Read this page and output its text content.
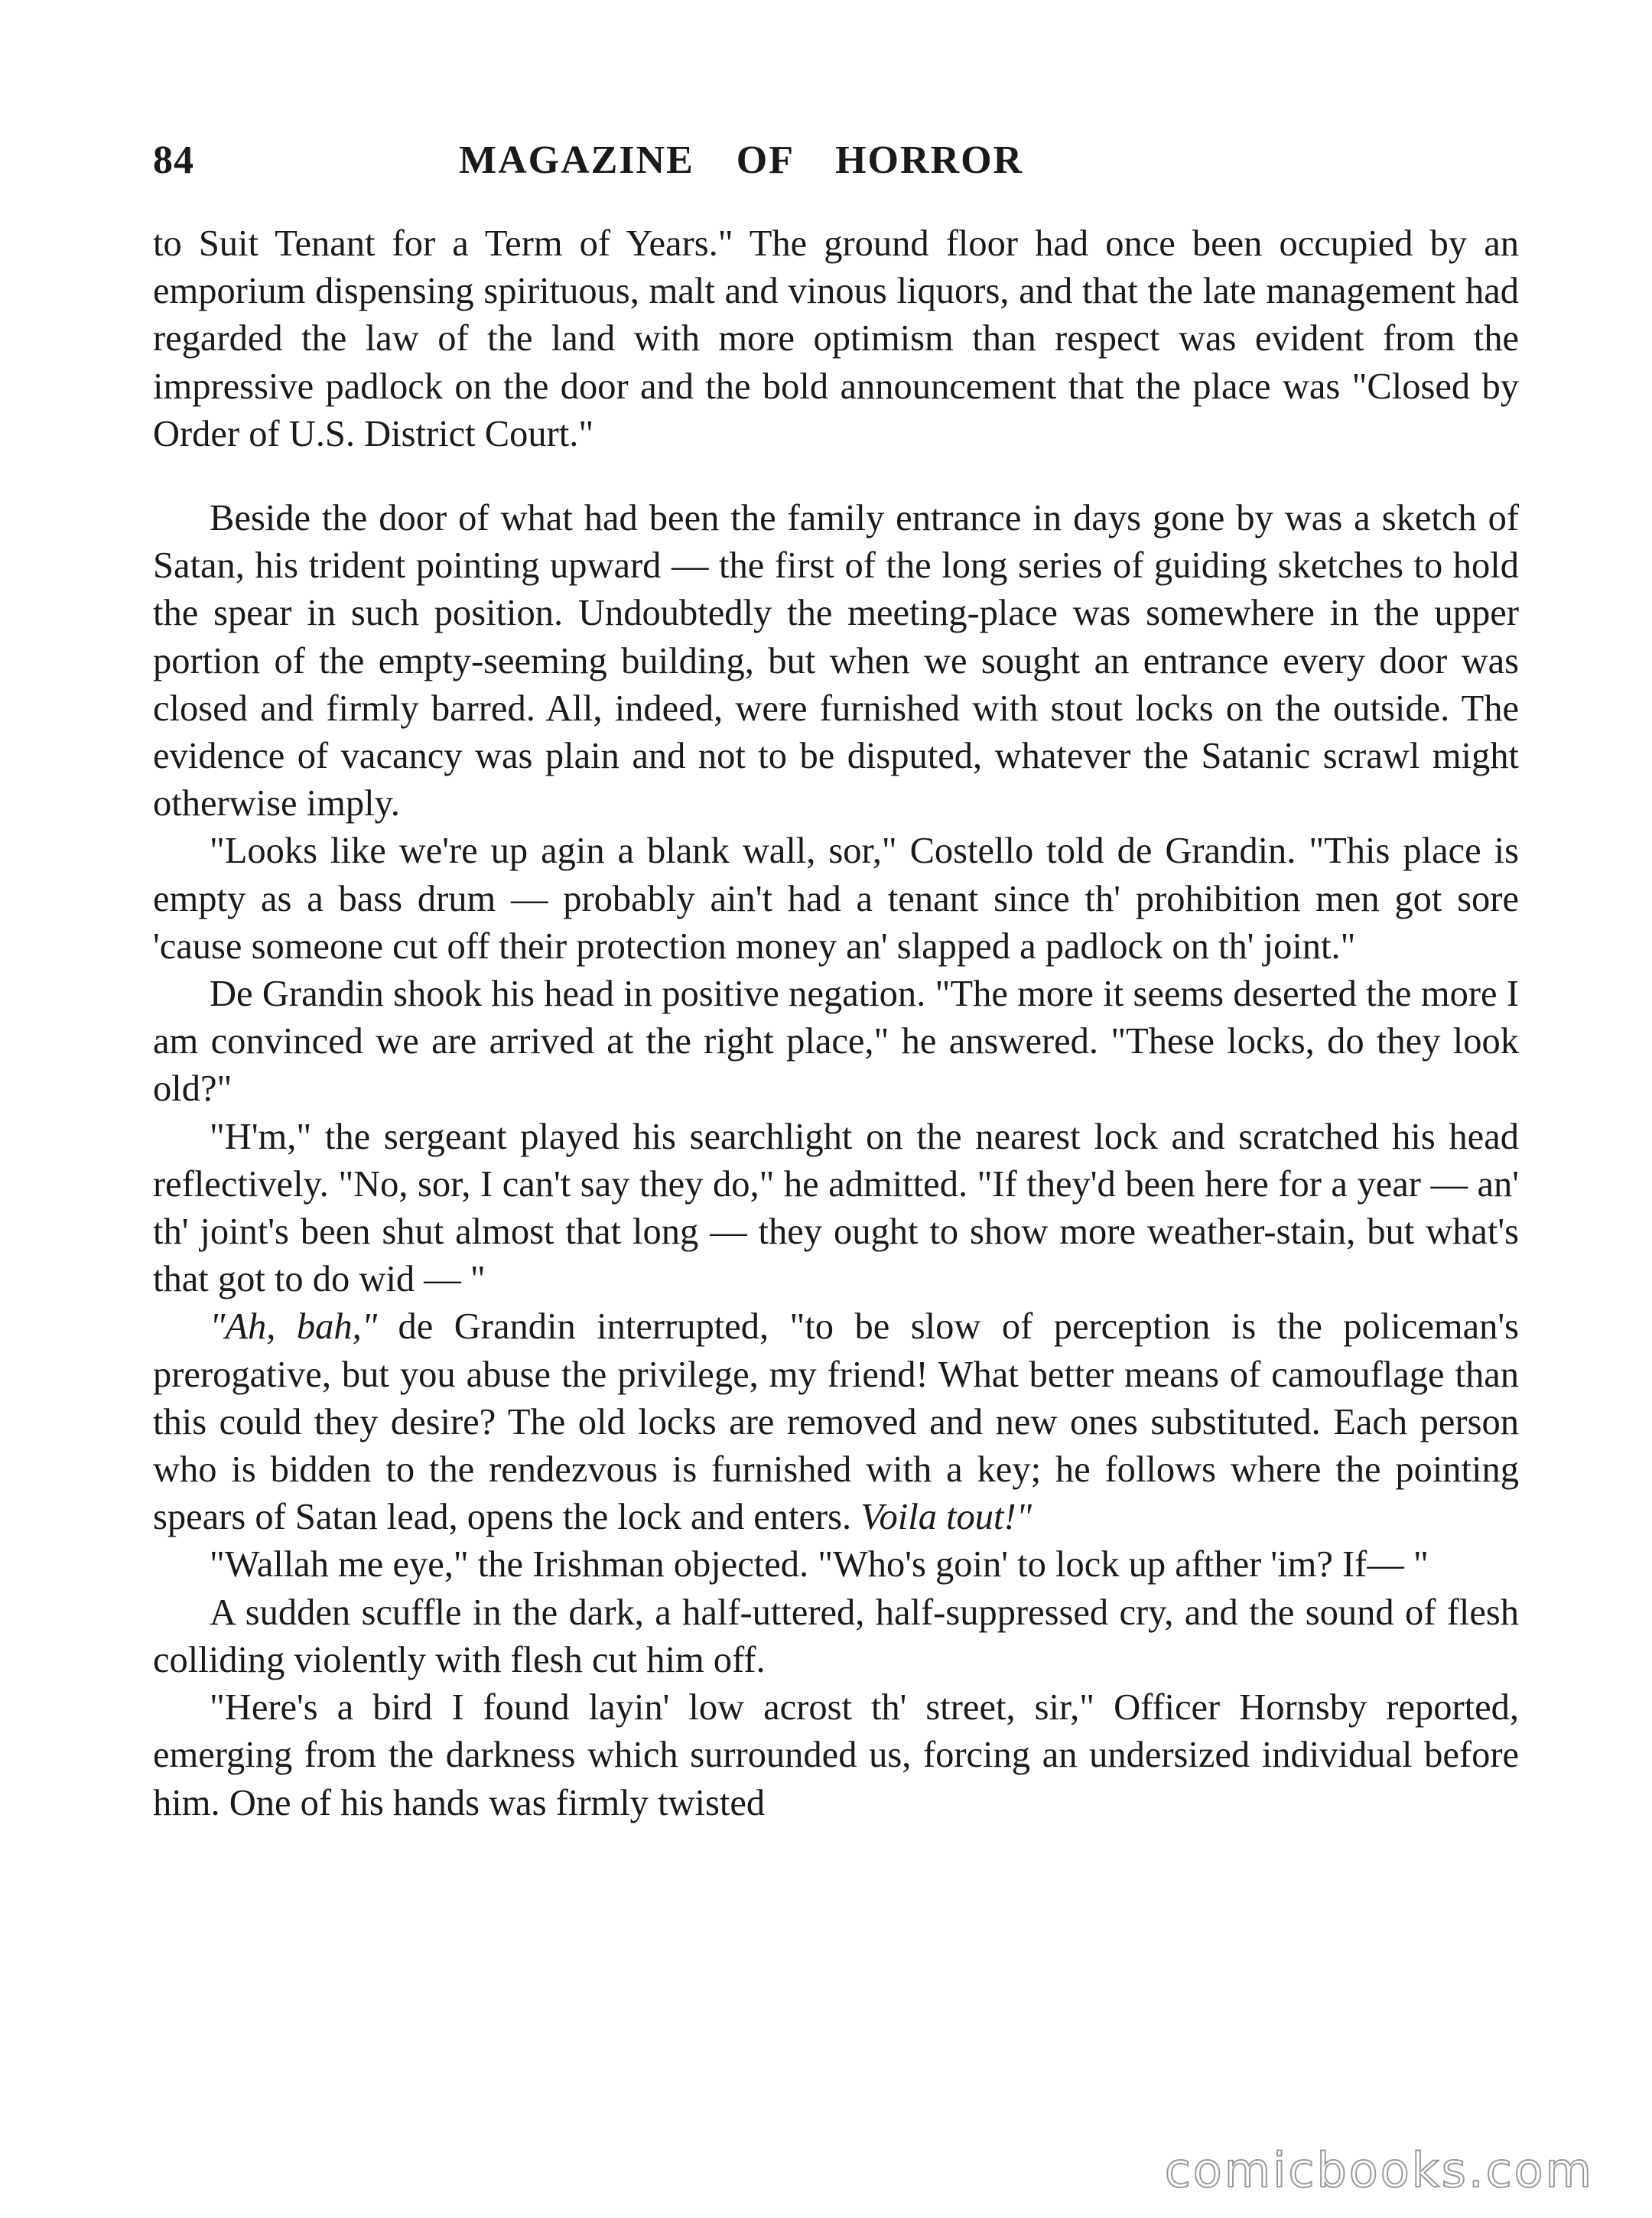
84	MAGAZINE OF HORROR

to Suit Tenant for a Term of Years." The ground floor had once been occupied by an emporium dispensing spirituous, malt and vinous liquors, and that the late management had regarded the law of the land with more optimism than respect was evident from the impressive padlock on the door and the bold announcement that the place was "Closed by Order of U.S. District Court."

Beside the door of what had been the family entrance in days gone by was a sketch of Satan, his trident pointing upward — the first of the long series of guiding sketches to hold the spear in such position. Undoubtedly the meeting-place was somewhere in the upper portion of the empty-seeming building, but when we sought an entrance every door was closed and firmly barred. All, indeed, were furnished with stout locks on the outside. The evidence of vacancy was plain and not to be disputed, whatever the Satanic scrawl might otherwise imply.

"Looks like we're up agin a blank wall, sor," Costello told de Grandin. "This place is empty as a bass drum — probably ain't had a tenant since th' prohibition men got sore 'cause someone cut off their protection money an' slapped a padlock on th' joint."

De Grandin shook his head in positive negation. "The more it seems deserted the more I am convinced we are arrived at the right place," he answered. "These locks, do they look old?"

"H'm," the sergeant played his searchlight on the nearest lock and scratched his head reflectively. "No, sor, I can't say they do," he admitted. "If they'd been here for a year — an' th' joint's been shut almost that long — they ought to show more weather-stain, but what's that got to do wid — "

"Ah, bah," de Grandin interrupted, "to be slow of perception is the policeman's prerogative, but you abuse the privilege, my friend! What better means of camouflage than this could they desire? The old locks are removed and new ones substituted. Each person who is bidden to the rendezvous is furnished with a key; he follows where the pointing spears of Satan lead, opens the lock and enters. Voila tout!"

"Wallah me eye," the Irishman objected. "Who's goin' to lock up afther 'im? If— "

A sudden scuffle in the dark, a half-uttered, half-suppressed cry, and the sound of flesh colliding violently with flesh cut him off.

"Here's a bird I found layin' low acrost th' street, sir," Officer Hornsby reported, emerging from the darkness which surrounded us, forcing an undersized individual before him. One of his hands was firmly twisted

comicbooks.com
